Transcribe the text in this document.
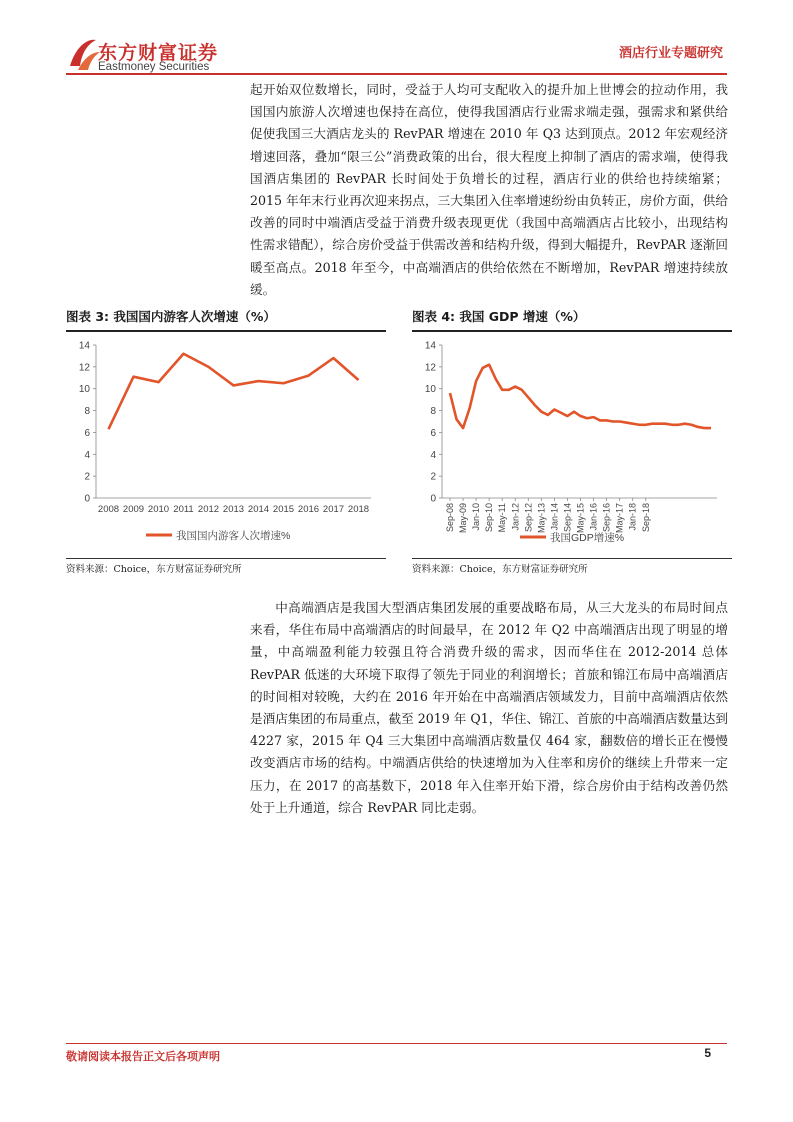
东方财富证券
Eastmoney Securities
酒店行业专题研究

起开始双位数增长，同时，受益于人均可支配收入的提升加上世博会的拉动作用，我国国内旅游人次增速也保持在高位，使得我国酒店行业需求端走强，强需求和紧供给促使我国三大酒店龙头的 RevPAR 增速在 2010 年 Q3 达到顶点。2012 年宏观经济增速回落，叠加“限三公”消费政策的出台，很大程度上抑制了酒店的需求端，使得我国酒店集团的 RevPAR 长时间处于负增长的过程，酒店行业的供给也持续缩紧；2015 年年末行业再次迎来拐点，三大集团入住率增速纷纷由负转正，房价方面，供给改善的同时中端酒店受益于消费升级表现更优（我国中高端酒店占比较小，出现结构性需求错配），综合房价受益于供需改善和结构升级，得到大幅提升，RevPAR 逐渐回暖至高点。2018 年至今，中高端酒店的供给依然在不断增加，RevPAR 增速持续放缓。

图表 3: 我国国内游客人次增速（%）
0
2
4
6
8
10
12
14
2008 2009 2010 2011 2012 2013 2014 2015 2016 2017 2018
我国国内游客人次增速%
资料来源：Choice，东方财富证券研究所
图表 4: 我国 GDP 增速（%）
0
2
4
6
8
10
12
14
Sep-08 May-09 Jan-10 Sep-10 May-11 Jan-12 Sep-12 May-13 Jan-14 Sep-14 May-15 Jan-16 Sep-16 May-17 Jan-18 Sep-18
我国GDP增速%
资料来源：Choice，东方财富证券研究所

中高端酒店是我国大型酒店集团发展的重要战略布局，从三大龙头的布局时间点来看，华住布局中高端酒店的时间最早，在 2012 年 Q2 中高端酒店出现了明显的增量，中高端盈利能力较强且符合消费升级的需求，因而华住在 2012-2014 总体 RevPAR 低迷的大环境下取得了领先于同业的利润增长；首旅和锦江布局中高端酒店的时间相对较晚，大约在 2016 年开始在中高端酒店领域发力，目前中高端酒店依然是酒店集团的布局重点，截至 2019 年 Q1，华住、锦江、首旅的中高端酒店数量达到 4227 家，2015 年 Q4 三大集团中高端酒店数量仅 464 家，翻数倍的增长正在慢慢改变酒店市场的结构。中端酒店供给的快速增加为入住率和房价的继续上升带来一定压力，在 2017 的高基数下，2018 年入住率开始下滑，综合房价由于结构改善仍然处于上升通道，综合 RevPAR 同比走弱。

敬请阅读本报告正文后各项声明	5
